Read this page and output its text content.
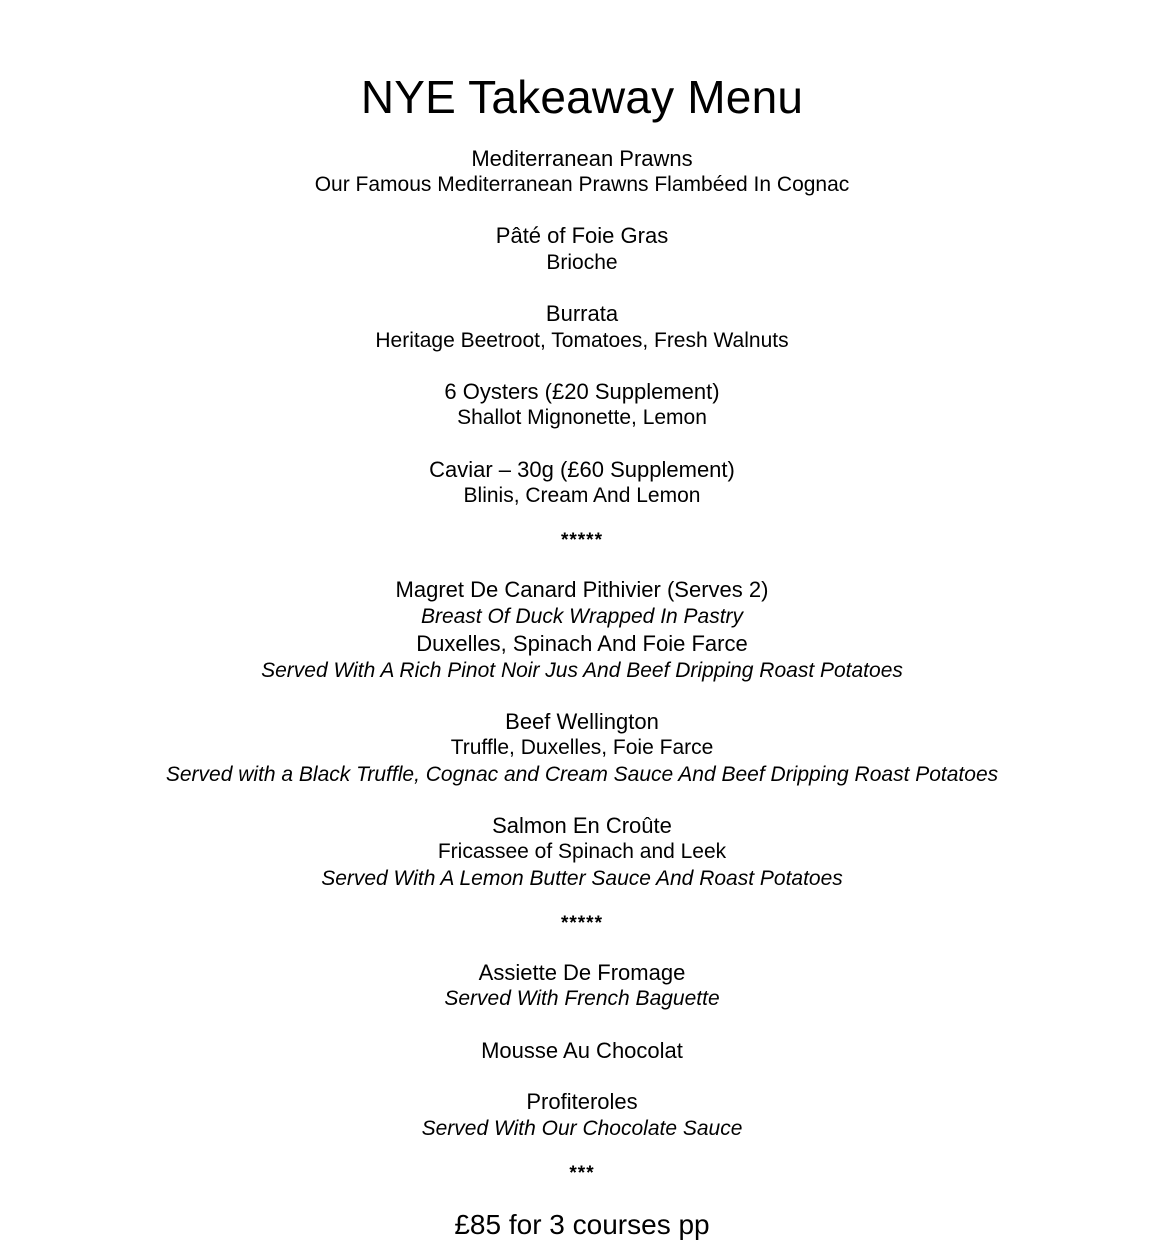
NYE Takeaway Menu
Mediterranean Prawns
Our Famous Mediterranean Prawns Flambéed In Cognac
Pâté of Foie Gras
Brioche
Burrata
Heritage Beetroot, Tomatoes, Fresh Walnuts
6 Oysters (£20 Supplement)
Shallot Mignonette, Lemon
Caviar – 30g (£60 Supplement)
Blinis, Cream And Lemon
*****
Magret De Canard Pithivier (Serves 2)
Breast Of Duck Wrapped In Pastry
Duxelles, Spinach And Foie Farce
Served With A Rich Pinot Noir Jus And Beef Dripping Roast Potatoes
Beef Wellington
Truffle, Duxelles, Foie Farce
Served with a Black Truffle, Cognac and Cream Sauce And Beef Dripping Roast Potatoes
Salmon En Croûte
Fricassee of Spinach and Leek
Served With A Lemon Butter Sauce And Roast Potatoes
*****
Assiette De Fromage
Served With French Baguette
Mousse Au Chocolat
Profiteroles
Served With Our Chocolate Sauce
***
£85 for 3 courses pp
